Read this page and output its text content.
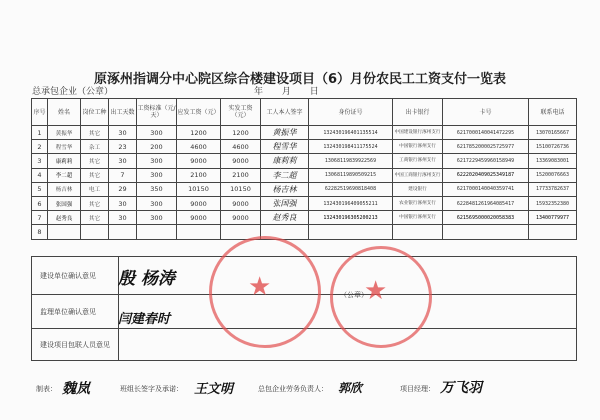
原涿州指调分中心院区综合楼建设项目（6）月份农民工工资支付一览表
总承包企业（公章）	年 月 日
序号	姓名	岗位工种	出工天数	工资标准（元/天）	应发工资（元）	实发工资（元）	工人本人签字	身份证号	出卡银行	卡号	联系电话
1	黄振华	其它	30	300	1200	1200	黄振华	132430196401135514	中国建设银行涿州支行	6217000140041472295	13070165667
2	程雪华	杂工	23	200	4600	4600	程雪华	132430198411175524	中国银行涿州支行	6217852000025725977	15100726736
3	康莉莉	其它	30	300	9000	9000	康莉莉	13068119839922569	工商银行涿州支行	6217229459960158949	13369083001
4	李二超	其它	7	300	2100	2100	李二超	13068119890509215	中国工商银行涿州支行	6222020409025349187	15200076663
5	杨吉林	电工	29	350	10150	10150	杨吉林	62282519690818408	建设银行	6217000140040359741	17733782637
6	张国强	其它	30	300	9000	9000	张国强	132430196409055211	农业银行涿州支行	6228481261964085417	15932352380
7	赵秀良	其它	30	300	9000	9000	赵秀良	132430196305200213	中国银行涿州支行	6215695000020058383	13400779977
8											
建设单位确认意见	
监理单位确认意见	
建设项目包联人员意见	
殷 杨涛
闫建春时
（公章）
★	★
制表： 魏岚	班组长签字及承诺： 王文明	总包企业劳务负责人： 郭欣	项目经理： 万飞羽
